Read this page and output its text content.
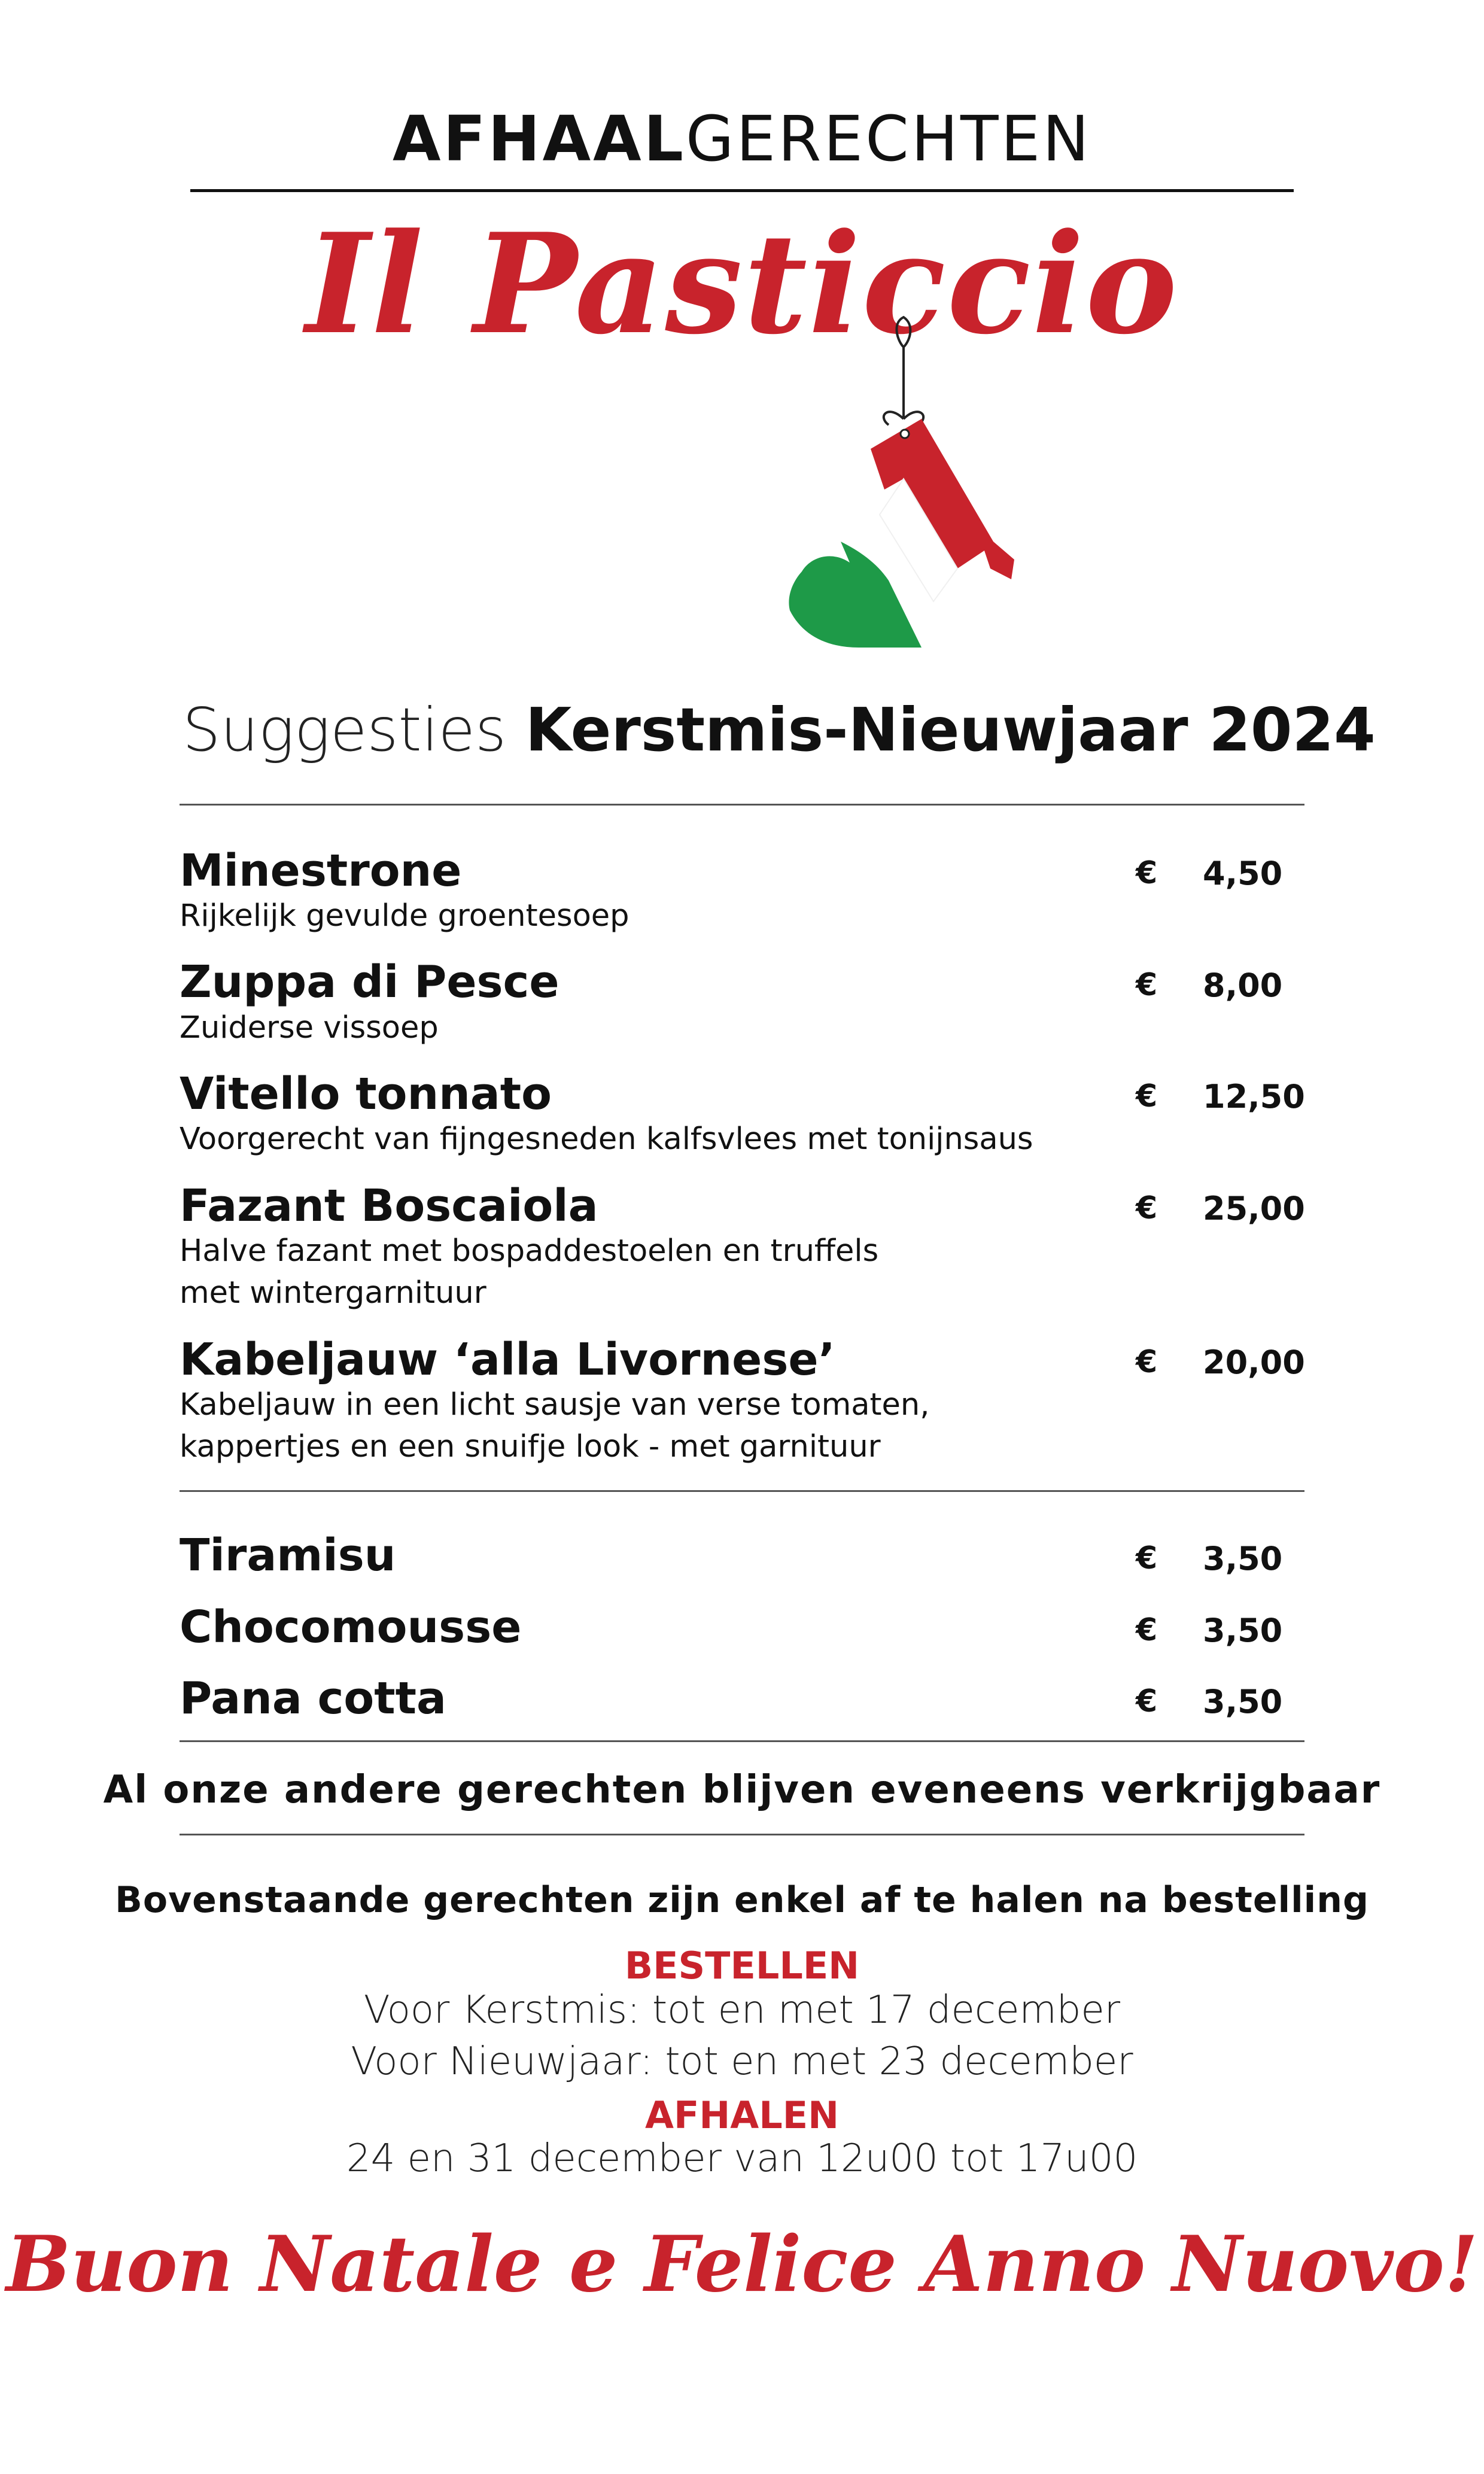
AFHAALGERECHTEN
Il Pasticcio
Suggesties Kerstmis-Nieuwjaar 2024
Minestrone	€ 4,50
Rijkelijk gevulde groentesoep
Zuppa di Pesce	€ 8,00
Zuiderse vissoep
Vitello tonnato	€ 12,50
Voorgerecht van fijngesneden kalfsvlees met tonijnsaus
Fazant Boscaiola	€ 25,00
Halve fazant met bospaddestoelen en truffels
met wintergarnituur
Kabeljauw ‘alla Livornese’	€ 20,00
Kabeljauw in een licht sausje van verse tomaten,
kappertjes en een snuifje look - met garnituur
Tiramisu	€ 3,50
Chocomousse	€ 3,50
Pana cotta	€ 3,50
Al onze andere gerechten blijven eveneens verkrijgbaar
Bovenstaande gerechten zijn enkel af te halen na bestelling
BESTELLEN
Voor Kerstmis: tot en met 17 december
Voor Nieuwjaar: tot en met 23 december
AFHALEN
24 en 31 december van 12u00 tot 17u00
Buon Natale e Felice Anno Nuovo!
